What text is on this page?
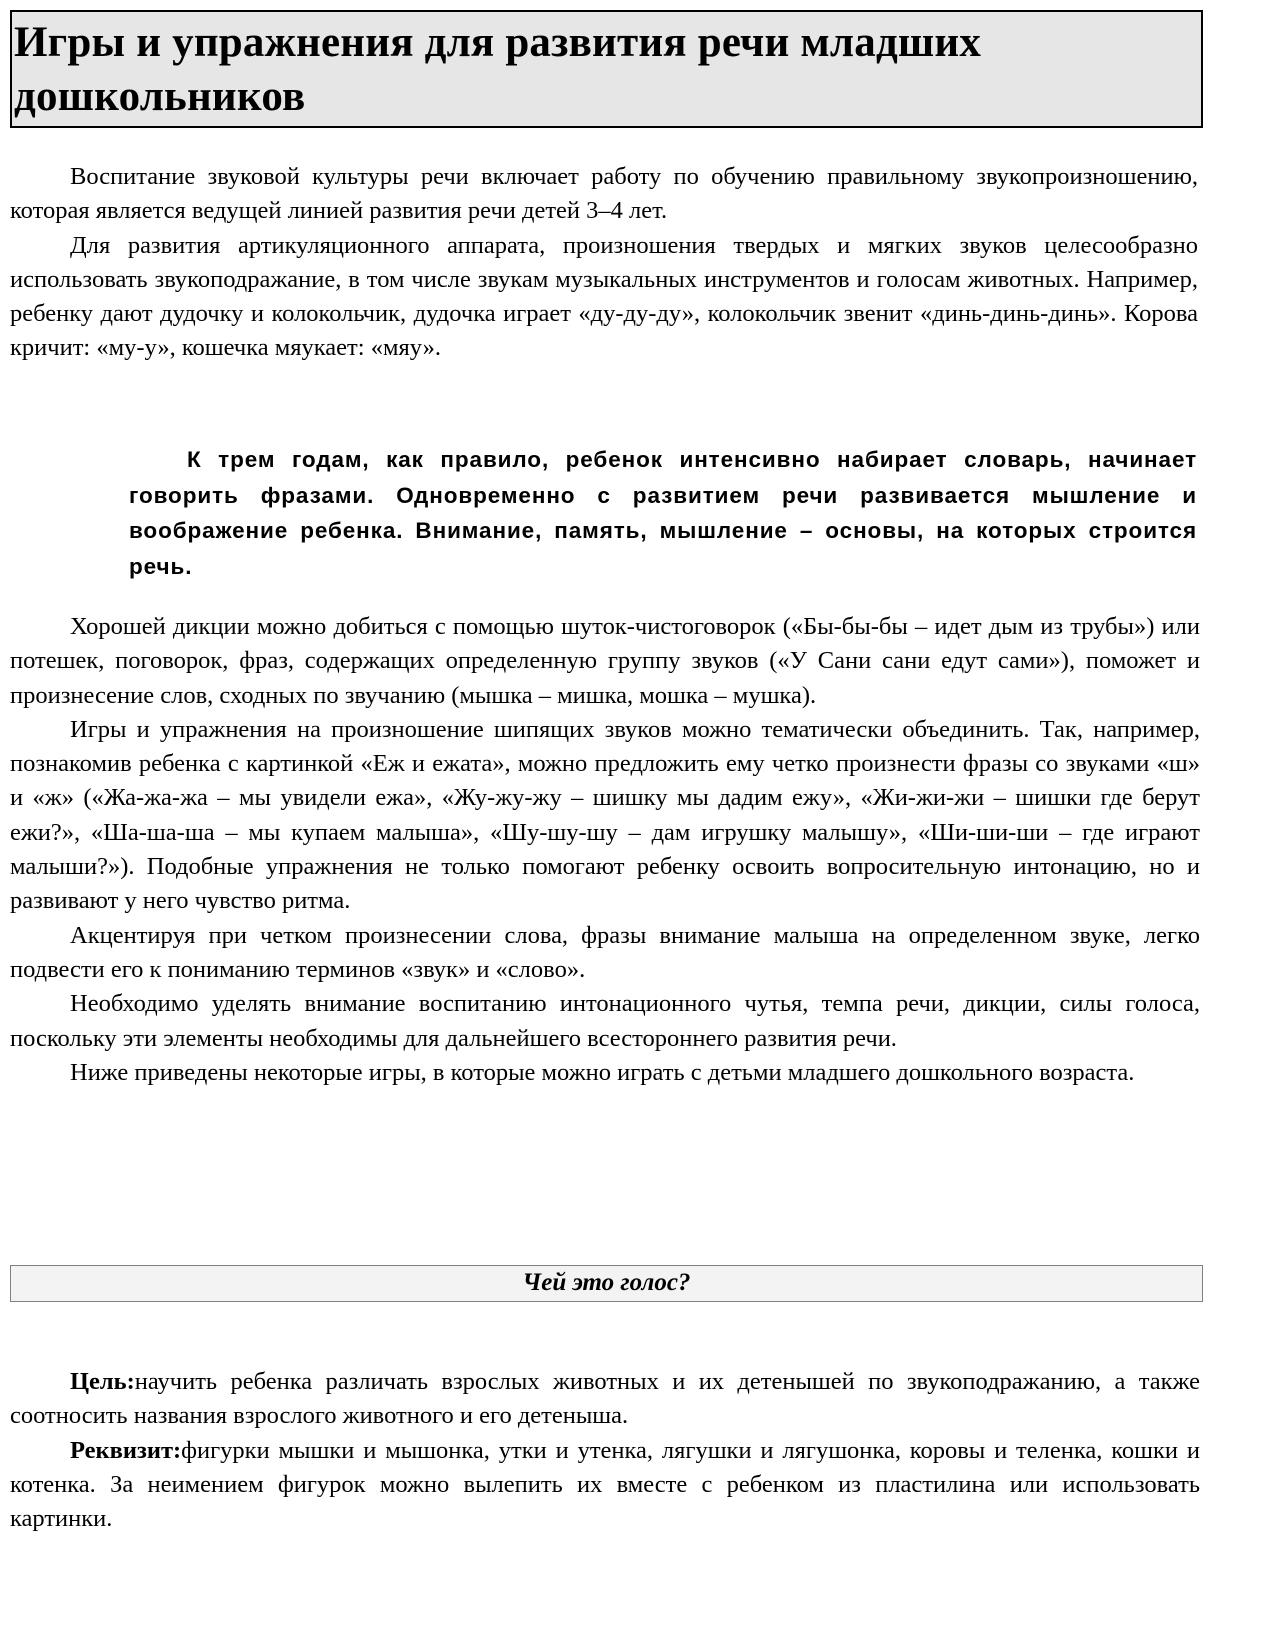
Игры и упражнения для развития речи младших дошкольников

Воспитание звуковой культуры речи включает работу по обучению правильному звукопроизношению, которая является ведущей линией развития речи детей 3–4 лет.

Для развития артикуляционного аппарата, произношения твердых и мягких звуков целесообразно использовать звукоподражание, в том числе звукам музыкальных инструментов и голосам животных. Например, ребенку дают дудочку и колокольчик, дудочка играет «ду-ду-ду», колокольчик звенит «динь-динь-динь». Корова кричит: «му-у», кошечка мяукает: «мяу».

К трем годам, как правило, ребенок интенсивно набирает словарь, начинает говорить фразами. Одновременно с развитием речи развивается мышление и воображение ребенка. Внимание, память, мышление – основы, на которых строится речь.

Хорошей дикции можно добиться с помощью шуток-чистоговорок («Бы-бы-бы – идет дым из трубы») или потешек, поговорок, фраз, содержащих определенную группу звуков («У Сани сани едут сами»), поможет и произнесение слов, сходных по звучанию (мышка – мишка, мошка – мушка).

Игры и упражнения на произношение шипящих звуков можно тематически объединить. Так, например, познакомив ребенка с картинкой «Еж и ежата», можно предложить ему четко произнести фразы со звуками «ш» и «ж» («Жа-жа-жа – мы увидели ежа», «Жу-жу-жу – шишку мы дадим ежу», «Жи-жи-жи – шишки где берут ежи?», «Ша-ша-ша – мы купаем малыша», «Шу-шу-шу – дам игрушку малышу», «Ши-ши-ши – где играют малыши?»). Подобные упражнения не только помогают ребенку освоить вопросительную интонацию, но и развивают у него чувство ритма.

Акцентируя при четком произнесении слова, фразы внимание малыша на определенном звуке, легко подвести его к пониманию терминов «звук» и «слово».

Необходимо уделять внимание воспитанию интонационного чутья, темпа речи, дикции, силы голоса, поскольку эти элементы необходимы для дальнейшего всестороннего развития речи.

Ниже приведены некоторые игры, в которые можно играть с детьми младшего дошкольного возраста.

Чей это голос?

Цель:научить ребенка различать взрослых животных и их детенышей по звукоподражанию, а также соотносить названия взрослого животного и его детеныша.

Реквизит:фигурки мышки и мышонка, утки и утенка, лягушки и лягушонка, коровы и теленка, кошки и котенка. За неимением фигурок можно вылепить их вместе с ребенком из пластилина или использовать картинки.
